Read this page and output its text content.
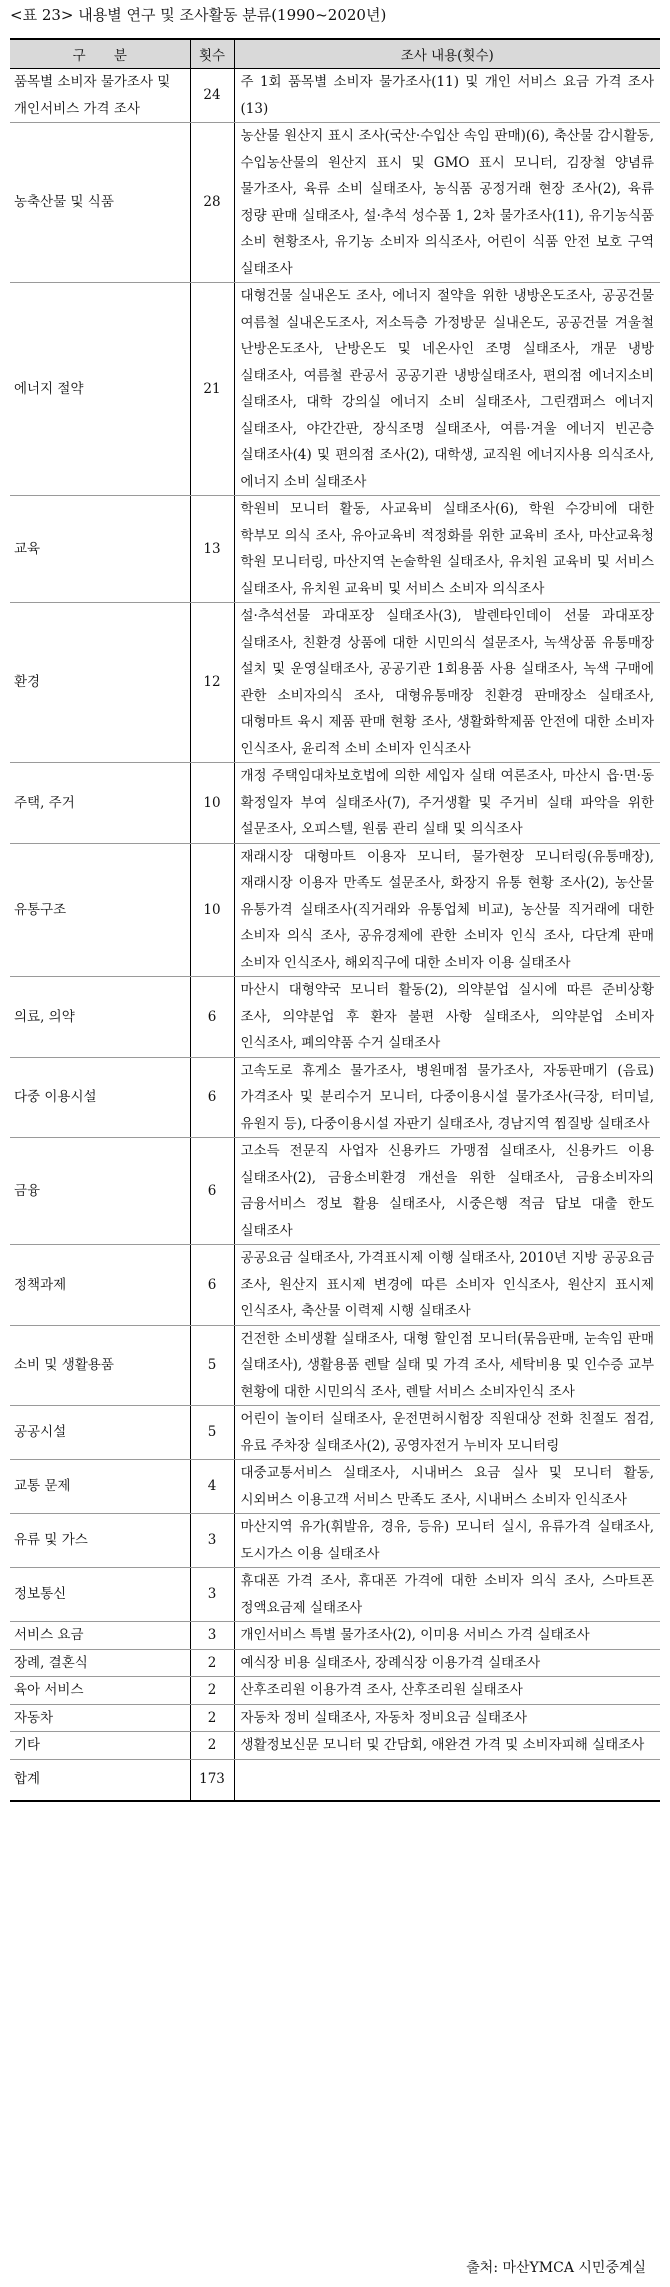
<표 23> 내용별 연구 및 조사활동 분류(1990~2020년)
구 분	횟수	조사 내용(횟수)
품목별 소비자 물가조사 및 개인서비스 가격 조사	24	주 1회 품목별 소비자 물가조사(11) 및 개인 서비스 요금 가격 조사(13)
농축산물 및 식품	28	농산물 원산지 표시 조사(국산·수입산 속임 판매)(6), 축산물 감시활동, 수입농산물의 원산지 표시 및 GMO 표시 모니터, 김장철 양념류 물가조사, 육류 소비 실태조사, 농식품 공정거래 현장 조사(2), 육류 정량 판매 실태조사, 설·추석 성수품 1, 2차 물가조사(11), 유기농식품 소비 현황조사, 유기농 소비자 의식조사, 어린이 식품 안전 보호 구역 실태조사
에너지 절약	21	대형건물 실내온도 조사, 에너지 절약을 위한 냉방온도조사, 공공건물 여름철 실내온도조사, 저소득층 가정방문 실내온도, 공공건물 겨울철 난방온도조사, 난방온도 및 네온사인 조명 실태조사, 개문 냉방 실태조사, 여름철 관공서 공공기관 냉방실태조사, 편의점 에너지소비 실태조사, 대학 강의실 에너지 소비 실태조사, 그린캠퍼스 에너지 실태조사, 야간간판, 장식조명 실태조사, 여름·겨울 에너지 빈곤층 실태조사(4) 및 편의점 조사(2), 대학생, 교직원 에너지사용 의식조사, 에너지 소비 실태조사
교육	13	학원비 모니터 활동, 사교육비 실태조사(6), 학원 수강비에 대한 학부모 의식 조사, 유아교육비 적정화를 위한 교육비 조사, 마산교육청 학원 모니터링, 마산지역 논술학원 실태조사, 유치원 교육비 및 서비스 실태조사, 유치원 교육비 및 서비스 소비자 의식조사
환경	12	설·추석선물 과대포장 실태조사(3), 발렌타인데이 선물 과대포장 실태조사, 친환경 상품에 대한 시민의식 설문조사, 녹색상품 유통매장 설치 및 운영실태조사, 공공기관 1회용품 사용 실태조사, 녹색 구매에 관한 소비자의식 조사, 대형유통매장 친환경 판매장소 실태조사, 대형마트 육시 제품 판매 현황 조사, 생활화학제품 안전에 대한 소비자 인식조사, 윤리적 소비 소비자 인식조사
주택, 주거	10	개정 주택임대차보호법에 의한 세입자 실태 여론조사, 마산시 읍·면·동 확정일자 부여 실태조사(7), 주거생활 및 주거비 실태 파악을 위한 설문조사, 오피스텔, 원룸 관리 실태 및 의식조사
유통구조	10	재래시장 대형마트 이용자 모니터, 물가현장 모니터링(유통매장), 재래시장 이용자 만족도 설문조사, 화장지 유통 현황 조사(2), 농산물 유통가격 실태조사(직거래와 유통업체 비교), 농산물 직거래에 대한 소비자 의식 조사, 공유경제에 관한 소비자 인식 조사, 다단계 판매 소비자 인식조사, 해외직구에 대한 소비자 이용 실태조사
의료, 의약	6	마산시 대형약국 모니터 활동(2), 의약분업 실시에 따른 준비상황 조사, 의약분업 후 환자 불편 사항 실태조사, 의약분업 소비자 인식조사, 폐의약품 수거 실태조사
다중 이용시설	6	고속도로 휴게소 물가조사, 병원매점 물가조사, 자동판매기 (음료)가격조사 및 분리수거 모니터, 다중이용시설 물가조사(극장, 터미널, 유원지 등), 다중이용시설 자판기 실태조사, 경남지역 찜질방 실태조사
금융	6	고소득 전문직 사업자 신용카드 가맹점 실태조사, 신용카드 이용 실태조사(2), 금융소비환경 개선을 위한 실태조사, 금융소비자의 금융서비스 정보 활용 실태조사, 시중은행 적금 답보 대출 한도 실태조사
정책과제	6	공공요금 실태조사, 가격표시제 이행 실태조사, 2010년 지방 공공요금 조사, 원산지 표시제 변경에 따른 소비자 인식조사, 원산지 표시제 인식조사, 축산물 이력제 시행 실태조사
소비 및 생활용품	5	건전한 소비생활 실태조사, 대형 할인점 모니터(묶음판매, 눈속임 판매 실태조사), 생활용품 렌탈 실태 및 가격 조사, 세탁비용 및 인수증 교부 현황에 대한 시민의식 조사, 렌탈 서비스 소비자인식 조사
공공시설	5	어린이 놀이터 실태조사, 운전면허시험장 직원대상 전화 친절도 점검, 유료 주차장 실태조사(2), 공영자전거 누비자 모니터링
교통 문제	4	대중교통서비스 실태조사, 시내버스 요금 실사 및 모니터 활동, 시외버스 이용고객 서비스 만족도 조사, 시내버스 소비자 인식조사
유류 및 가스	3	마산지역 유가(휘발유, 경유, 등유) 모니터 실시, 유류가격 실태조사, 도시가스 이용 실태조사
정보통신	3	휴대폰 가격 조사, 휴대폰 가격에 대한 소비자 의식 조사, 스마트폰 정액요금제 실태조사
서비스 요금	3	개인서비스 특별 물가조사(2), 이미용 서비스 가격 실태조사
장례, 결혼식	2	예식장 비용 실태조사, 장례식장 이용가격 실태조사
육아 서비스	2	산후조리원 이용가격 조사, 산후조리원 실태조사
자동차	2	자동차 정비 실태조사, 자동차 정비요금 실태조사
기타	2	생활정보신문 모니터 및 간담회, 애완견 가격 및 소비자피해 실태조사
합계	173	
출처: 마산YMCA 시민중계실
